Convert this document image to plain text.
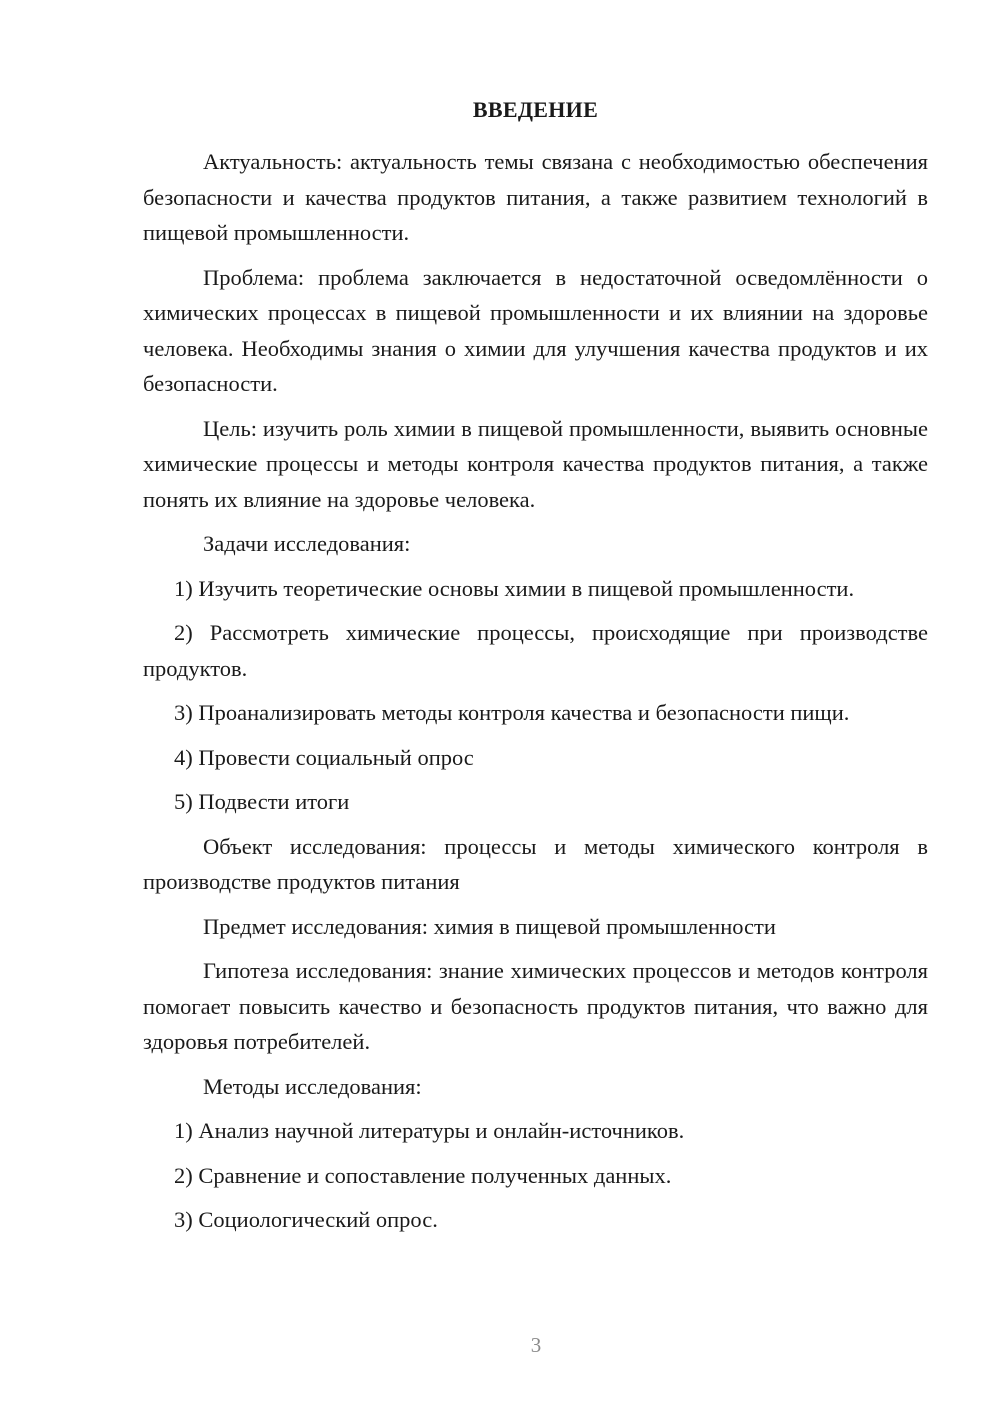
ВВЕДЕНИЕ

Актуальность: актуальность темы связана с необходимостью обеспечения безопасности и качества продуктов питания, а также развитием технологий в пищевой промышленности.

Проблема: проблема заключается в недостаточной осведомлённости о химических процессах в пищевой промышленности и их влиянии на здоровье человека. Необходимы знания о химии для улучшения качества продуктов и их безопасности.

Цель: изучить роль химии в пищевой промышленности, выявить основные химические процессы и методы контроля качества продуктов питания, а также понять их влияние на здоровье человека.

Задачи исследования:

1) Изучить теоретические основы химии в пищевой промышленности.

2) Рассмотреть химические процессы, происходящие при производстве продуктов.

3) Проанализировать методы контроля качества и безопасности пищи.

4) Провести социальный опрос

5) Подвести итоги

Объект исследования: процессы и методы химического контроля в производстве продуктов питания

Предмет исследования: химия в пищевой промышленности

Гипотеза исследования: знание химических процессов и методов контроля помогает повысить качество и безопасность продуктов питания, что важно для здоровья потребителей.

Методы исследования:

1) Анализ научной литературы и онлайн-источников.

2) Сравнение и сопоставление полученных данных.

3) Социологический опрос.

3
